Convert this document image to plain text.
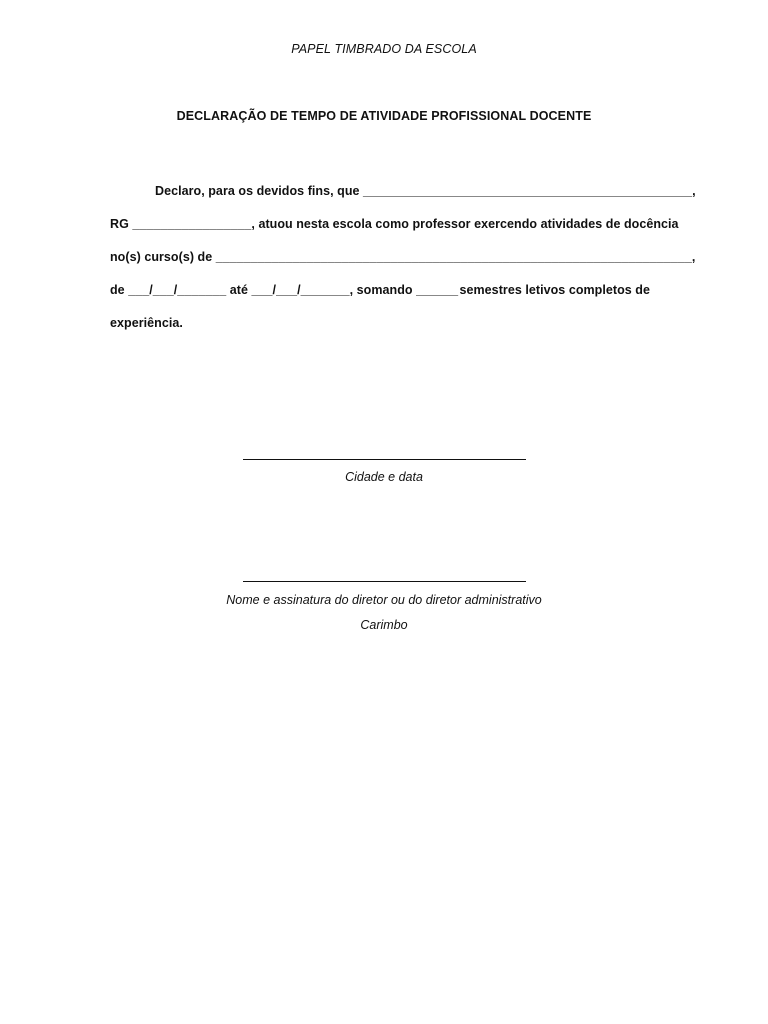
PAPEL TIMBRADO DA ESCOLA
DECLARAÇÃO DE TEMPO DE ATIVIDADE PROFISSIONAL DOCENTE
Declaro, para os devidos fins, que _______________________________________________,
RG _________________, atuou nesta escola como professor exercendo atividades de docência
no(s) curso(s) de ____________________________________________________________________,
de ___/___/_______ até ___/___/_______, somando ______ semestres letivos completos de
experiência.
Cidade e data
Nome e assinatura do diretor ou do diretor administrativo
Carimbo
